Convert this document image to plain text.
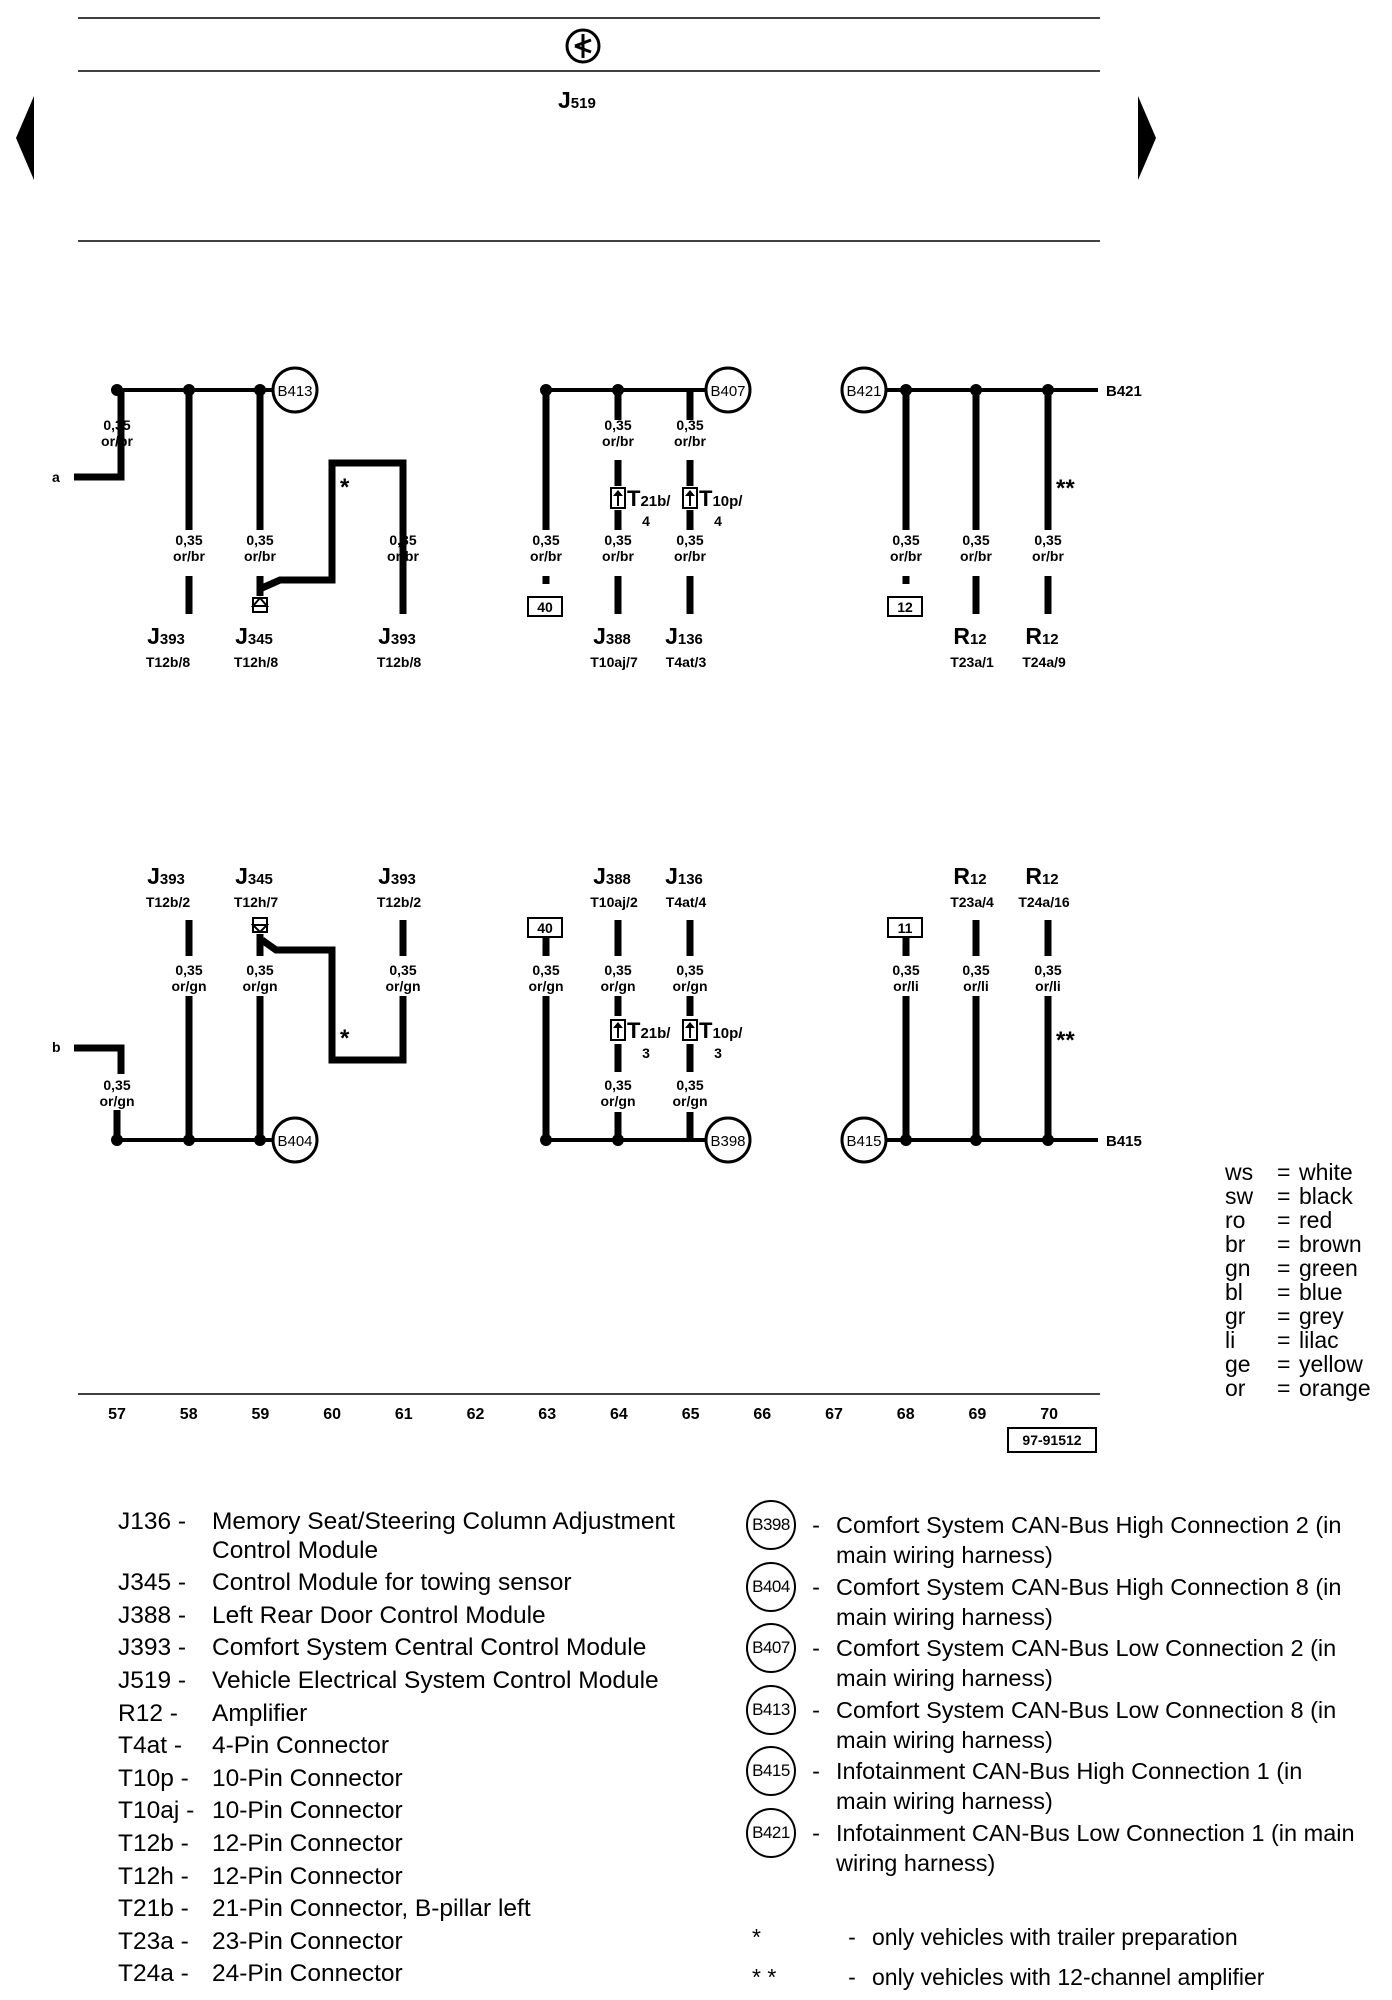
J519
B413	B407	B421	B421
a
40	12
B404	B398	B415	B415
b
40	11
*	**
*	**
0,35
or/br
0,35
or/br
0,35
or/br
0,35
or/br
0,35
or/br
0,35
or/br
0,35
or/br
0,35
or/br
0,35
or/br
0,35
or/br
0,35
or/br
0,35
or/br
0,35
or/gn
0,35
or/gn
0,35
or/gn
0,35
or/gn
0,35
or/gn
0,35
or/gn
0,35
or/gn
0,35
or/gn
0,35
or/gn
0,35
or/li
0,35
or/li
0,35
or/li
J393
T12b/8
J345
T12h/8
J393
T12b/8
J388
T10aj/7
J136
T4at/3
R12
T23a/1
R12
T24a/9
J393
T12b/2
J345
T12h/7
J393
T12b/2
J388
T10aj/2
J136
T4at/4
R12
T23a/4
R12
T24a/16
T21b/
4
T10p/
4
T21b/
3
T10p/
3
57	58	59	60	61	62	63	64	65	66	67	68	69	70
97-91512
ws	= white
sw	= black
ro	= red
br	= brown
gn	= green
bl	= blue
gr	= grey
li	= lilac
ge	= yellow
or	= orange
J136 -	Memory Seat/Steering Column Adjustment
Control Module
J345 -	Control Module for towing sensor
J388 -	Left Rear Door Control Module
J393 -	Comfort System Central Control Module
J519 -	Vehicle Electrical System Control Module
R12 -	Amplifier
T4at -	4-Pin Connector
T10p - 10-Pin Connector
T10aj - 10-Pin Connector
T12b - 12-Pin Connector
T12h - 12-Pin Connector
T21b - 21-Pin Connector, B-pillar left
T23a - 23-Pin Connector
T24a - 24-Pin Connector
B398 - Comfort System CAN-Bus High Connection 2 (in main wiring harness)
B404 - Comfort System CAN-Bus High Connection 8 (in main wiring harness)
B407 - Comfort System CAN-Bus Low Connection 2 (in main wiring harness)
B413 - Comfort System CAN-Bus Low Connection 8 (in main wiring harness)
B415 - Infotainment CAN-Bus High Connection 1 (in main wiring harness)
B421 - Infotainment CAN-Bus Low Connection 1 (in main wiring harness)
*	- only vehicles with trailer preparation
* *	- only vehicles with 12-channel amplifier
